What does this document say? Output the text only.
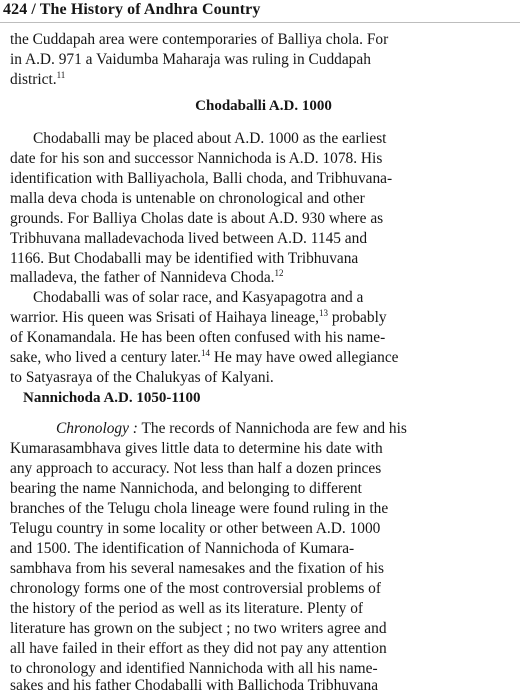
424 / The History of Andhra Country
the Cuddapah area were contemporaries of Balliya chola. For
in A.D. 971 a Vaidumba Maharaja was ruling in Cuddapah
district.$^{11}$
Chodaballi A.D. 1000
Chodaballi may be placed about A.D. 1000 as the earliest
date for his son and successor Nannichoda is A.D. 1078. His
identification with Balliyachola, Balli choda, and Tribhuvana-
malla deva choda is untenable on chronological and other
grounds. For Balliya Cholas date is about A.D. 930 where as
Tribhuvana malladevachoda lived between A.D. 1145 and
1166. But Chodaballi may be identified with Tribhuvana
malladeva, the father of Nannideva Choda.$^{12}$
Chodaballi was of solar race, and Kasyapagotra and a
warrior. His queen was Srisati of Haihaya lineage,$^{13}$ probably
of Konamandala. He has been often confused with his name-
sake, who lived a century later.$^{14}$ He may have owed allegiance
to Satyasraya of the Chalukyas of Kalyani.
Nannichoda A.D. 1050-1100
Chronology : The records of Nannichoda are few and his
Kumarasambhava gives little data to determine his date with
any approach to accuracy. Not less than half a dozen princes
bearing the name Nannichoda, and belonging to different
branches of the Telugu chola lineage were found ruling in the
Telugu country in some locality or other between A.D. 1000
and 1500. The identification of Nannichoda of Kumara-
sambhava from his several namesakes and the fixation of his
chronology forms one of the most controversial problems of
the history of the period as well as its literature. Plenty of
literature has grown on the subject ; no two writers agree and
all have failed in their effort as they did not pay any attention
to chronology and identified Nannichoda with all his name-
sakes and his father Chodaballi with Ballichoda Tribhuvana
